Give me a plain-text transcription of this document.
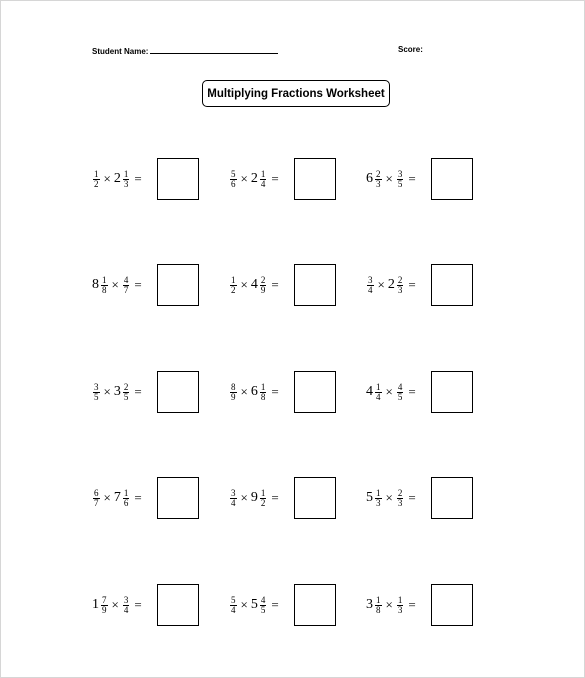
Student Name:	Score:
Multiplying Fractions Worksheet
$\frac{1}{2} \times 2 \frac{1}{3}$ =	$\frac{5}{6} \times 2 \frac{1}{4}$ =	$6 \frac{2}{3} \times \frac{3}{5}$ =
$8 \frac{1}{8} \times \frac{4}{7}$ =	$\frac{1}{2} \times 4 \frac{2}{9}$ =	$\frac{3}{4} \times 2 \frac{2}{3}$ =
$\frac{3}{5} \times 3 \frac{2}{5}$ =	$\frac{8}{9} \times 6 \frac{1}{8}$ =	$4 \frac{1}{4} \times \frac{4}{5}$ =
$\frac{6}{7} \times 7 \frac{1}{6}$ =	$\frac{3}{4} \times 9 \frac{1}{2}$ =	$5 \frac{1}{3} \times \frac{2}{3}$ =
$1 \frac{7}{9} \times \frac{3}{4}$ =	$\frac{5}{4} \times 5 \frac{4}{5}$ =	$3 \frac{1}{8} \times \frac{1}{3}$ =
